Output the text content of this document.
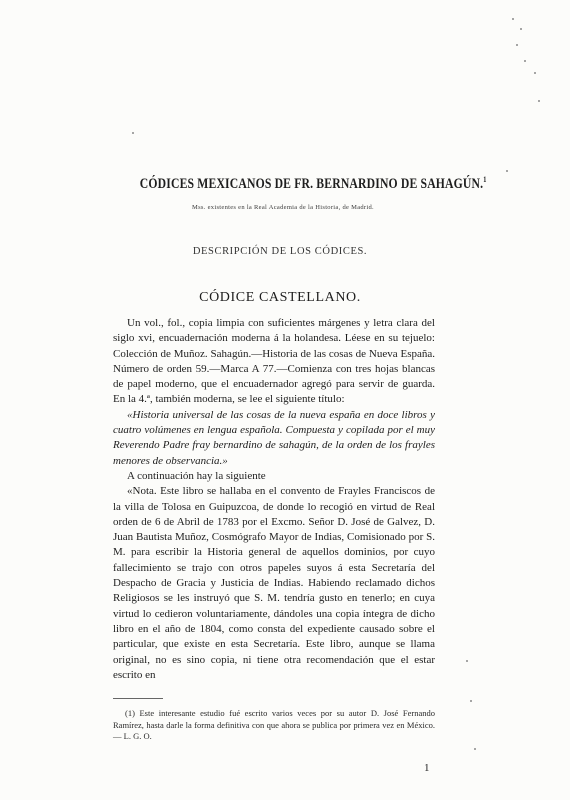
CÓDICES MEXICANOS DE FR. BERNARDINO DE SAHAGÚN.$^1$
Mss. existentes en la Real Academia de la Historia, de Madrid.
DESCRIPCIÓN DE LOS CÓDICES.
CÓDICE CASTELLANO.

Un vol., fol., copia limpia con suficientes márgenes y letra clara del siglo xvi, encuadernación moderna á la holandesa. Léese en su tejuelo: Colección de Muñoz. Sahagún.—Historia de las cosas de Nueva España. Número de orden 59.—Marca A 77.—Comienza con tres hojas blancas de papel moderno, que el encuadernador agregó para servir de guarda. En la 4.ª, también moderna, se lee el siguiente título:

«Historia universal de las cosas de la nueva españa en doce libros y cuatro volúmenes en lengua española. Compuesta y copilada por el muy Reverendo Padre fray bernardino de sahagún, de la orden de los frayles menores de observancia.»

A continuación hay la siguiente

«Nota. Este libro se hallaba en el convento de Frayles Franciscos de la villa de Tolosa en Guipuzcoa, de donde lo recogió en virtud de Real orden de 6 de Abril de 1783 por el Excmo. Señor D. José de Galvez, D. Juan Bautista Muñoz, Cosmógrafo Mayor de Indias, Comisionado por S. M. para escribir la Historia general de aquellos dominios, por cuyo fallecimiento se trajo con otros papeles suyos á esta Secretaría del Despacho de Gracia y Justicia de Indias. Habiendo reclamado dichos Religiosos se les instruyó que S. M. tendría gusto en tenerlo; en cuya virtud lo cedieron voluntariamente, dándoles una copia íntegra de dicho libro en el año de 1804, como consta del expediente causado sobre el particular, que existe en esta Secretaría. Este libro, aunque se llama original, no es sino copia, ni tiene otra recomendación que el estar escrito en

(1) Este interesante estudio fué escrito varios veces por su autor D. José Fernando Ramírez, hasta darle la forma definitiva con que ahora se publica por primera vez en México. — L. G. O.
1
